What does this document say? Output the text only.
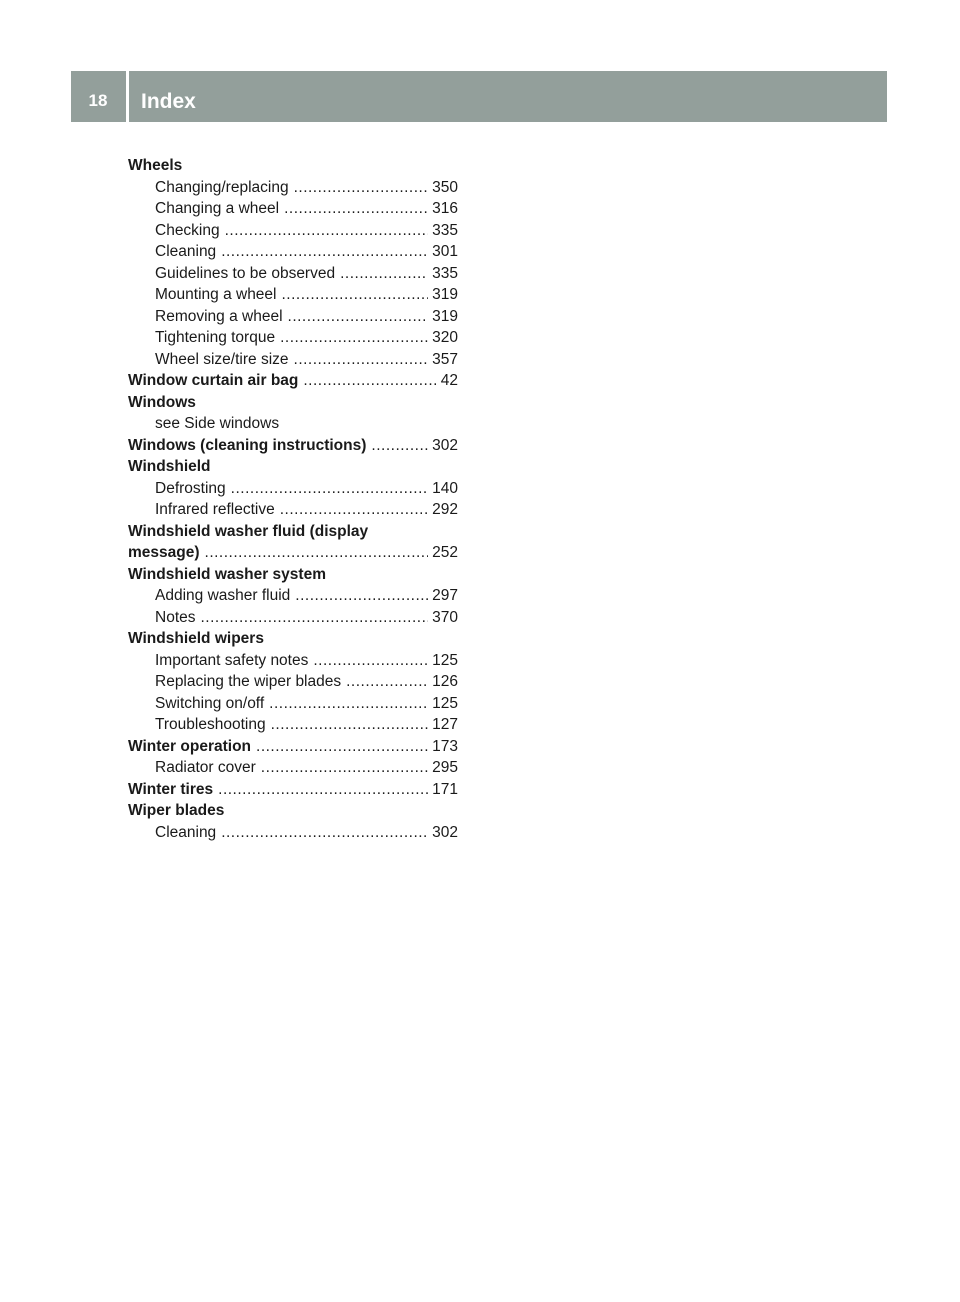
18	Index
Wheels
Changing/replacing .....	350
Changing a wheel .....	316
Checking .....	335
Cleaning .....	301
Guidelines to be observed .....	335
Mounting a wheel .....	319
Removing a wheel .....	319
Tightening torque .....	320
Wheel size/tire size .....	357
Window curtain air bag .....	42
Windows
see Side windows
Windows (cleaning instructions) .....	302
Windshield
Defrosting .....	140
Infrared reflective .....	292
Windshield washer fluid (display
message) .....	252
Windshield washer system
Adding washer fluid .....	297
Notes .....	370
Windshield wipers
Important safety notes .....	125
Replacing the wiper blades .....	126
Switching on/off .....	125
Troubleshooting .....	127
Winter operation .....	173
Radiator cover .....	295
Winter tires .....	171
Wiper blades
Cleaning .....	302
